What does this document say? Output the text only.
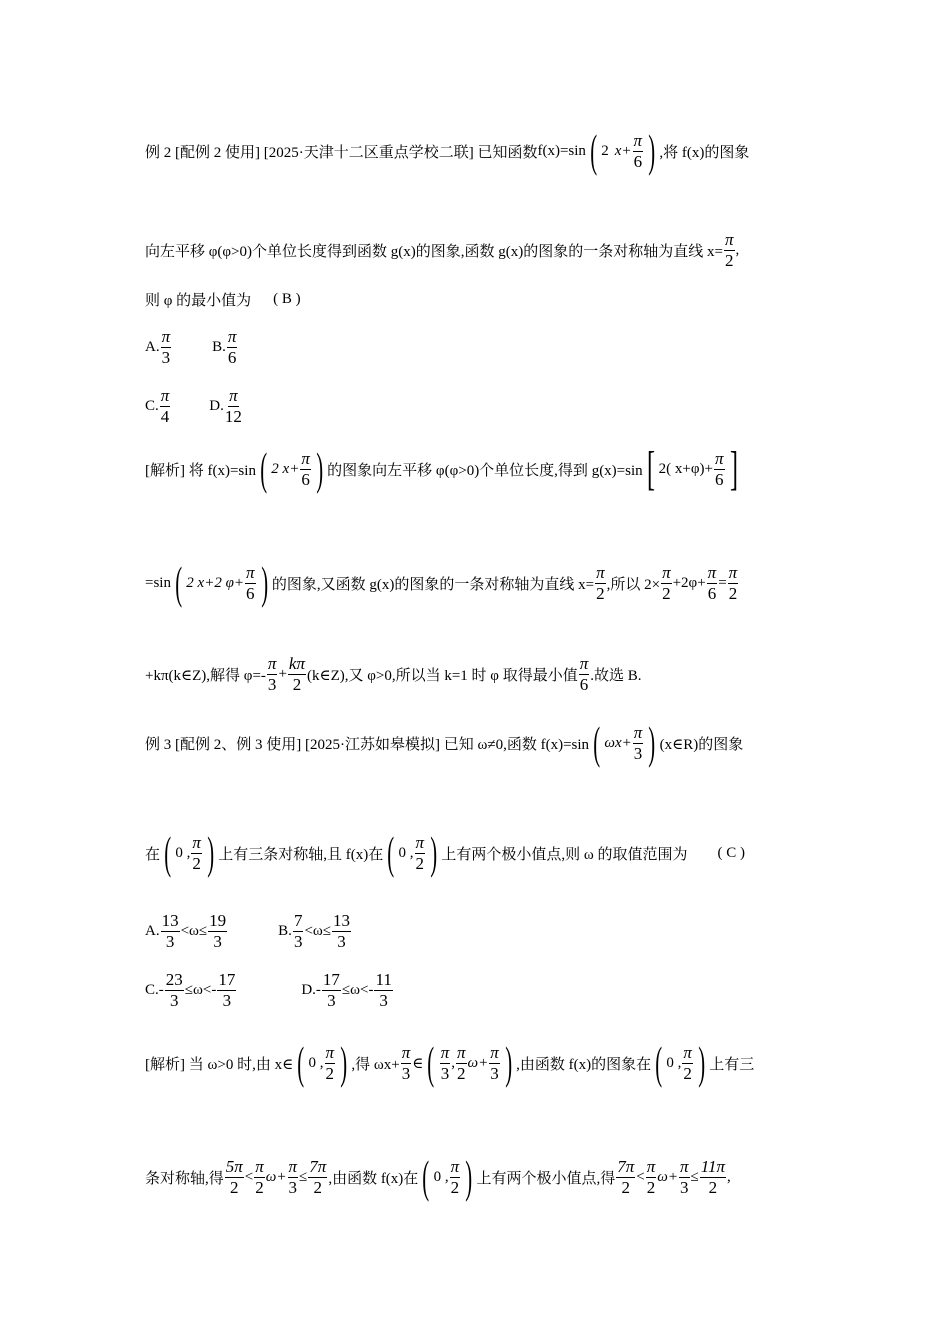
例 2 [配例 2 使用] [2025·天津十二区重点学校二联] 已知函数 f(x)=sin ( 2 $x+ \frac{\pi}{6}$ ) ,将 f(x)的图象
向左平移 φ(φ>0)个单位长度得到函数 g(x)的图象,函数 g(x)的图象的一条对称轴为直线 $x= \frac{\pi}{2}$ ,
则 φ 的最小值为 ( B )
A.
π
3
B.
π
6
C.
π
4
D.
π
12
[解析] 将 f(x)=sin ( 2 $x+ \frac{\pi}{6}$ ) 的图象向左平移 φ(φ>0)个单位长度,得到 g(x)=sin [ 2( $x+\varphi)+ \frac{\pi}{6}$ ]
=sin ( 2 x+2 $\varphi+ \frac{\pi}{6}$ ) 的图象,又函数 g(x)的图象的一条对称轴为直线 $x= \frac{\pi}{2}$ ,所以 $2\times \frac{\pi}{2} +2\varphi+ \frac{\pi}{6} = \frac{\pi}{2}$
+kπ(k∈Z),解得 φ=-
π
3
+ $\frac{k\pi}{2}$ (k∈Z),又 φ>0,所以当 k=1 时 φ 取得最小值
π
6 .故选 B.
例 3 [配例 2、例 3 使用] [2025·江苏如皋模拟] 已知 ω≠0,函数 f(x)=sin ( $\omega x+ \frac{\pi}{3}$ ) (x∈R)的图象
在 ( 0 ,
π
2 ) 上有三条对称轴,且 f(x)在 ( 0 ,
π
2 ) 上有两个极小值点,则 ω 的取值范围为 ( C )
A.
13
3
$<\omega\le \frac{19}{3}$	B.
7
3
$<\omega\le \frac{13}{3}$
$C.- \frac{23}{3} \le\omega<-$
17
3
$D.- \frac{17}{3} \le\omega<-$
11
3
[解析] 当 ω>0 时,由 x∈ ( 0 ,
π
2 ) ,得 $\omega x+ \frac{\pi}{3}$ ∈ ( π
3
,
π
2
$\omega+ \frac{\pi}{3}$ ) ,由函数 f(x)的图象在 ( 0 ,
π
2 ) 上有三
条对称轴,得
5π
2
<
π
2
$\omega+ \frac{\pi}{3} \le \frac{7\pi}{2}$ ,由函数 f(x)在 ( 0 ,
π
2 ) 上有两个极小值点,得
7π
2
<
π
2
$\omega+ \frac{\pi}{3} \le \frac{11\pi}{2}$ ,
